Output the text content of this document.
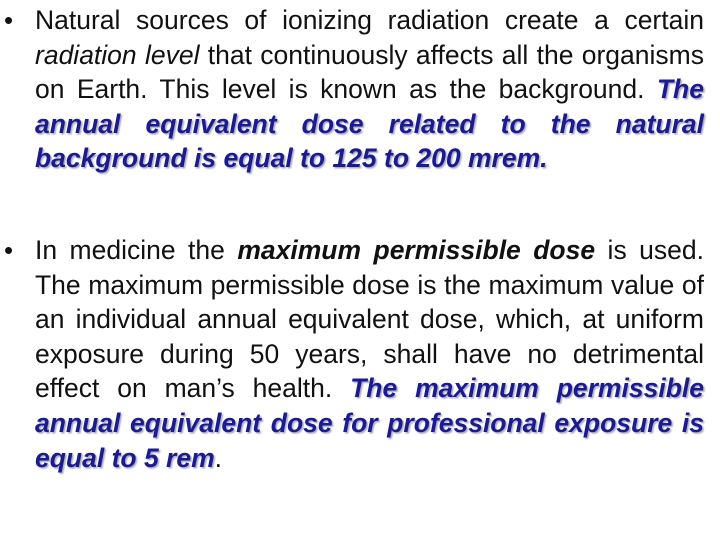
• Natural sources of ionizing radiation create a certain radiation level that continuously affects all the organisms on Earth. This level is known as the background. The annual equivalent dose related to the natural background is equal to 125 to 200 mrem.

• In medicine the maximum permissible dose is used. The maximum permissible dose is the maximum value of an individual annual equivalent dose, which, at uniform exposure during 50 years, shall have no detrimental effect on man’s health. The maximum permissible annual equivalent dose for professional exposure is equal to 5 rem.
